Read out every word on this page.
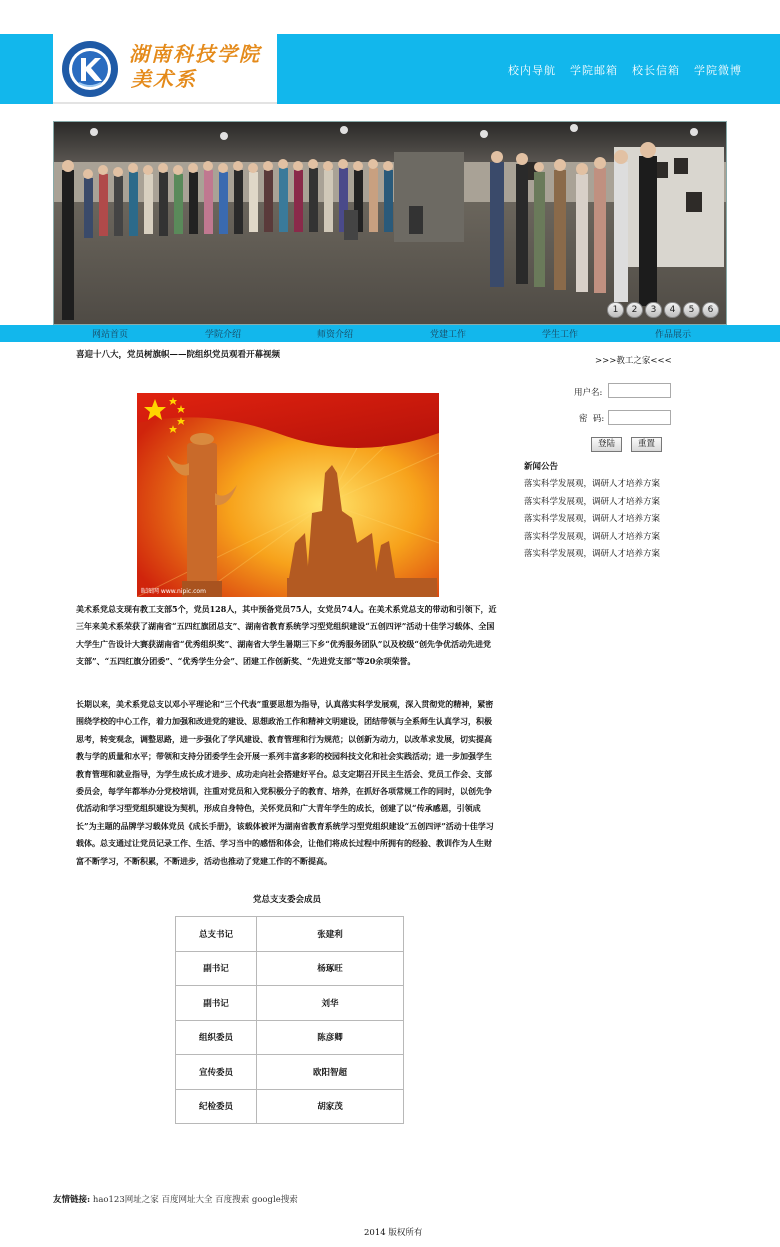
湖南科技学院
美术系	校内导航 学院邮箱 校长信箱 学院微博
1	2	3	4	5	6
网站首页	学院介绍	师资介绍	党建工作	学生工作	作品展示
喜迎十八大，党员树旗帜——院组织党员观看开幕视频
昵图网 www.nipic.com
美术系党总支现有教工支部5个，党员128人，其中预备党员75人，女党员74人。在美术系党总支的带动和引领下，近三年来美术系荣获了湖南省“五四红旗团总支”、湖南省教育系统学习型党组织建设“五创四评”活动十佳学习载体、全国大学生广告设计大赛获湖南省“优秀组织奖”、湖南省大学生暑期三下乡“优秀服务团队”以及校级“创先争优活动先进党支部”、“五四红旗分团委”、“优秀学生分会”、团建工作创新奖、“先进党支部”等20余项荣誉。
长期以来，美术系党总支以邓小平理论和“三个代表”重要思想为指导，认真落实科学发展观，深入贯彻党的精神，紧密围绕学校的中心工作，着力加强和改进党的建设、思想政治工作和精神文明建设，团结带领与全系师生认真学习，积极思考，转变观念，调整思路，进一步强化了学风建设、教育管理和行为规范；以创新为动力，以改革求发展，切实提高教与学的质量和水平；带领和支持分团委学生会开展一系列丰富多彩的校园科技文化和社会实践活动；进一步加强学生教育管理和就业指导，为学生成长成才进步、成功走向社会搭建好平台。总支定期召开民主生活会、党员工作会、支部委员会，每学年都举办分党校培训，注重对党员和入党积极分子的教育、培养，在抓好各项常规工作的同时，以创先争优活动和学习型党组织建设为契机，形成自身特色，关怀党员和广大青年学生的成长，创建了以“传承感恩，引领成长”为主题的品牌学习载体党员《成长手册》，该载体被评为湖南省教育系统学习型党组织建设“五创四评”活动十佳学习载体。总支通过让党员记录工作、生活、学习当中的感悟和体会，让他们将成长过程中所拥有的经验、教训作为人生财富不断学习，不断积累，不断进步，活动也推动了党建工作的不断提高。
党总支支委会成员
总支书记	张建利
副书记	杨琢旺
副书记	刘华
组织委员	陈彦卿
宣传委员	欧阳智超
纪检委员	胡家茂
>>>教工之家<<<
用户名:
密  码:
登陆	重置
新闻公告
落实科学发展观，调研人才培养方案
落实科学发展观，调研人才培养方案
落实科学发展观，调研人才培养方案
落实科学发展观，调研人才培养方案
落实科学发展观，调研人才培养方案
友情链接: hao123网址之家 百度网址大全 百度搜索 google搜索
2014 版权所有
